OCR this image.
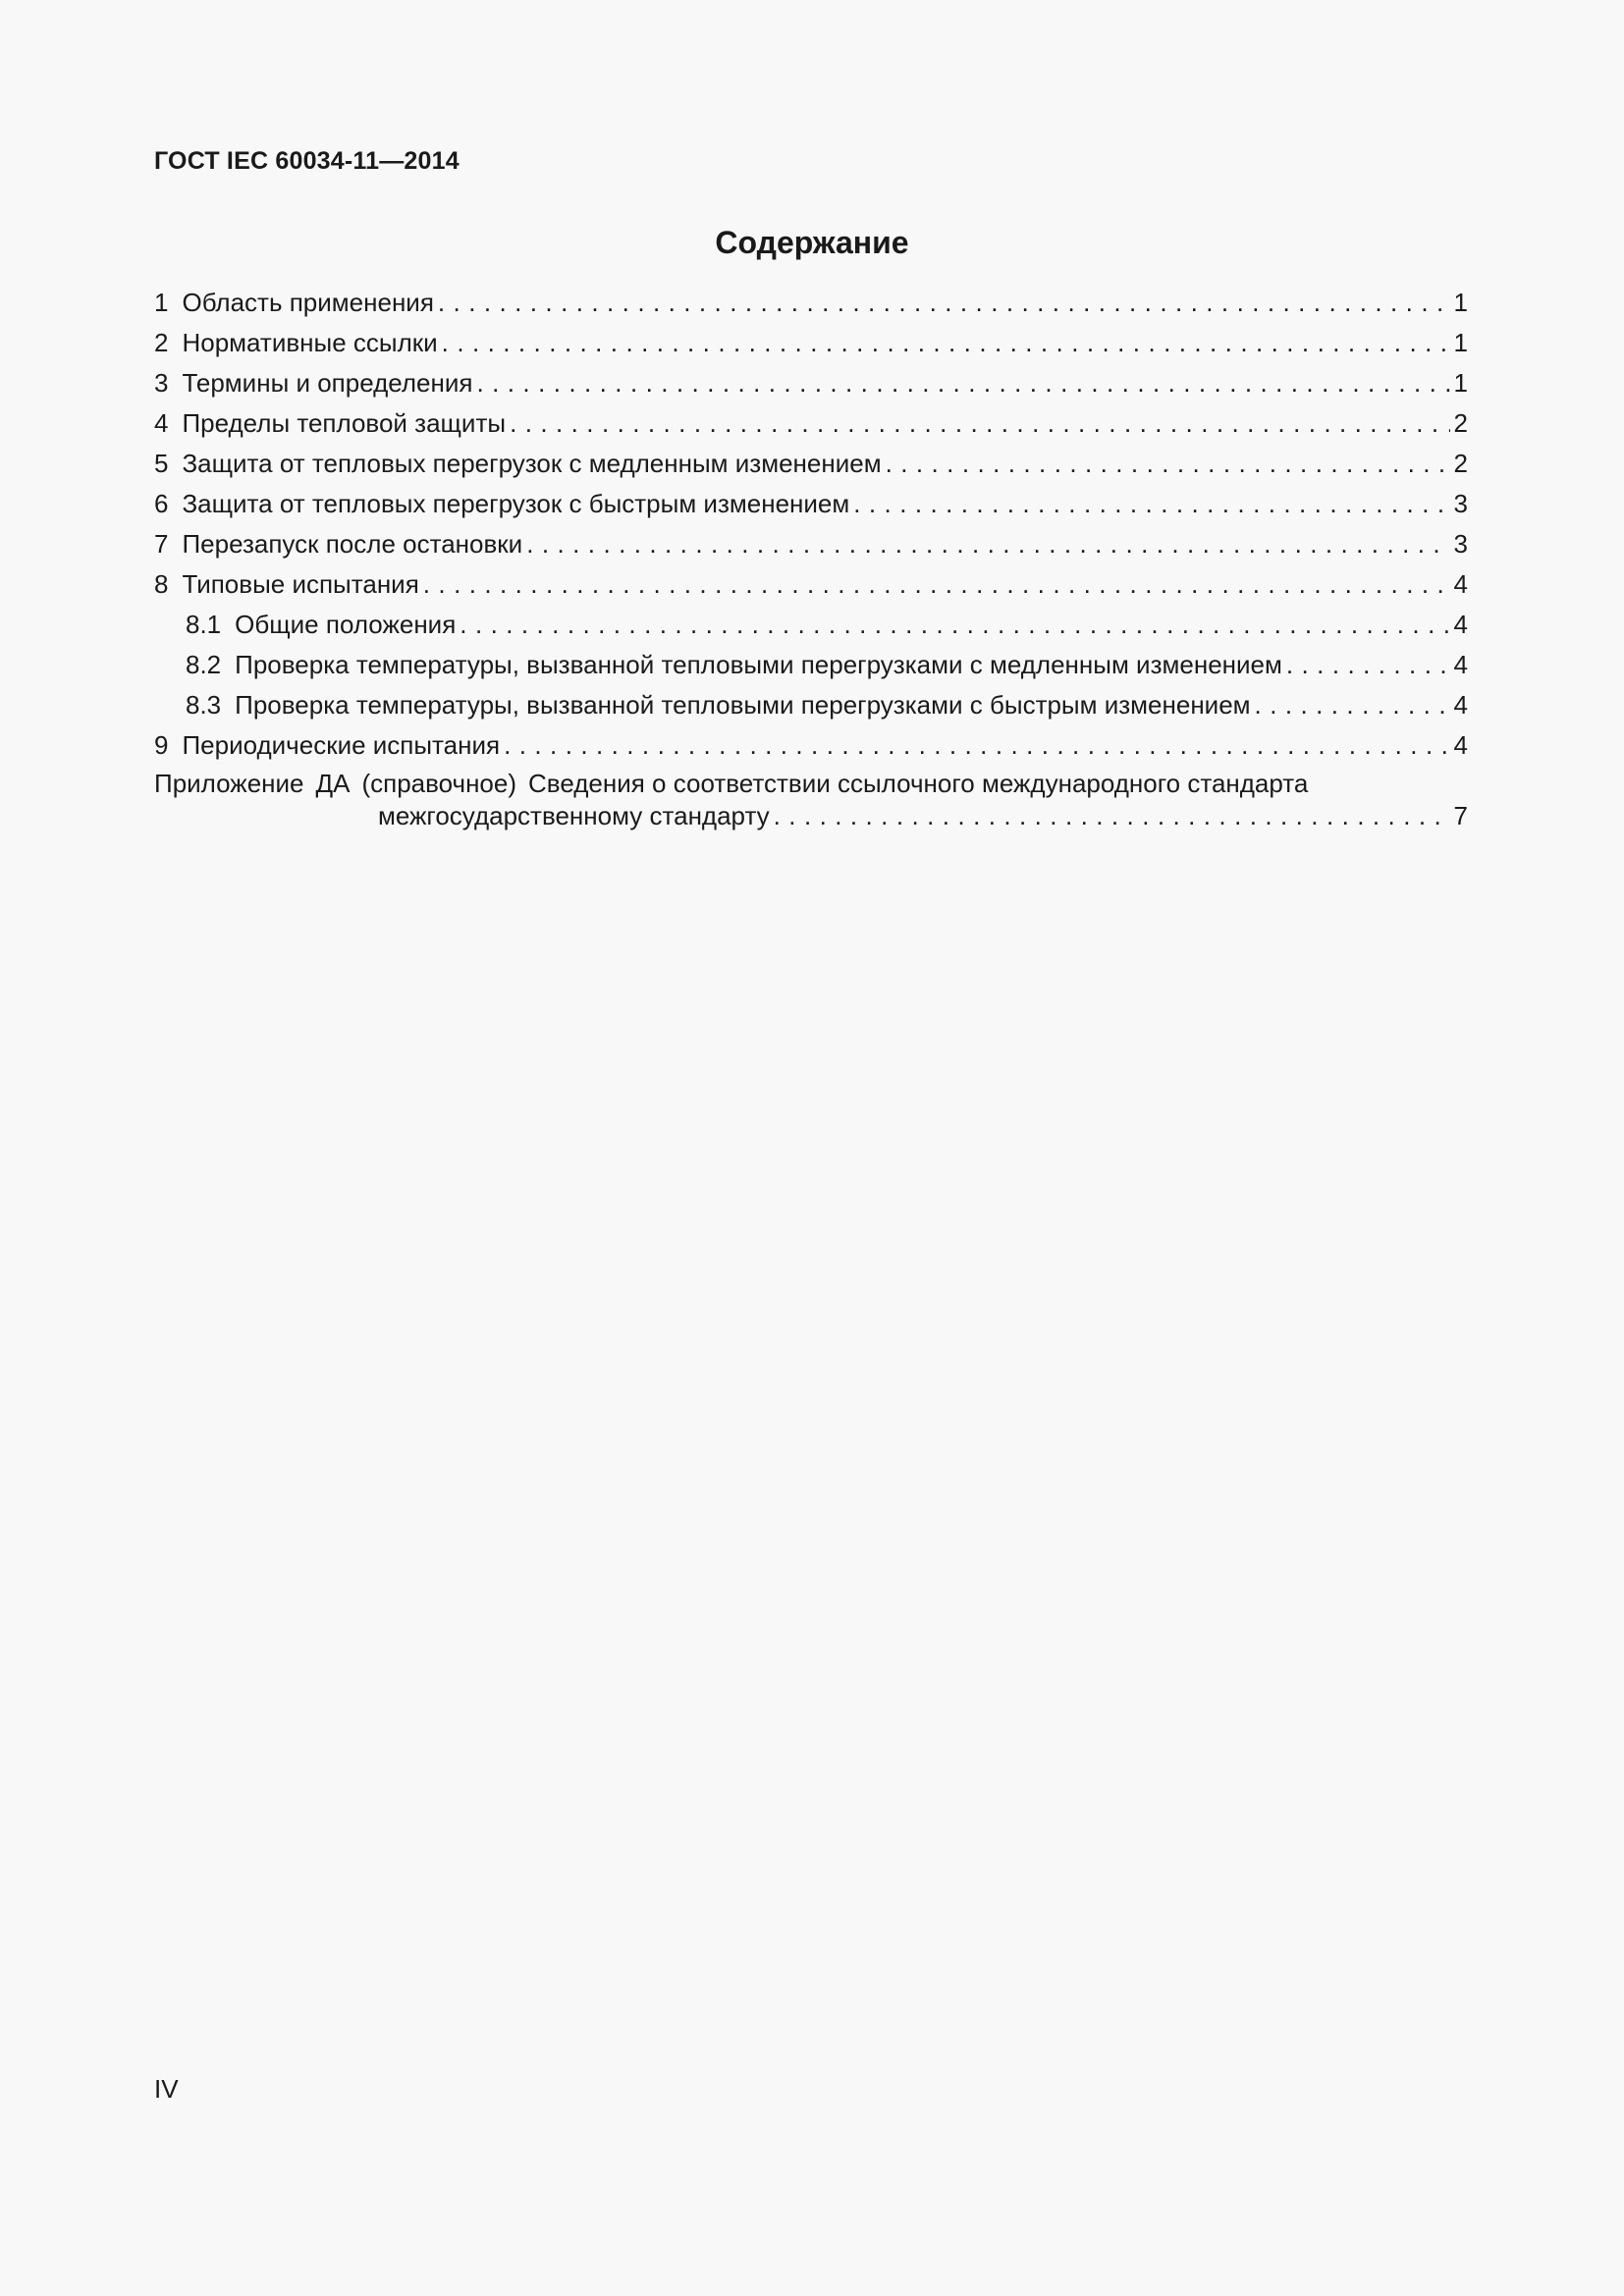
ГОСТ IEC 60034-11—2014
Содержание
1 Область применения . . .	1
2 Нормативные ссылки . . .	1
3 Термины и определения . . .	1
4 Пределы тепловой защиты . . .	2
5 Защита от тепловых перегрузок с медленным изменением . . .	2
6 Защита от тепловых перегрузок с быстрым изменением . . .	3
7 Перезапуск после остановки . . .	3
8 Типовые испытания . . .	4
8.1 Общие положения . . .	4
8.2 Проверка температуры, вызванной тепловыми перегрузками с медленным изменением . . .	4
8.3 Проверка температуры, вызванной тепловыми перегрузками с быстрым изменением . . .	4
9 Периодические испытания . . .	4
Приложение ДА (справочное) Сведения о соответствии ссылочного международного стандарта
межгосударственному стандарту . . .	7
IV
